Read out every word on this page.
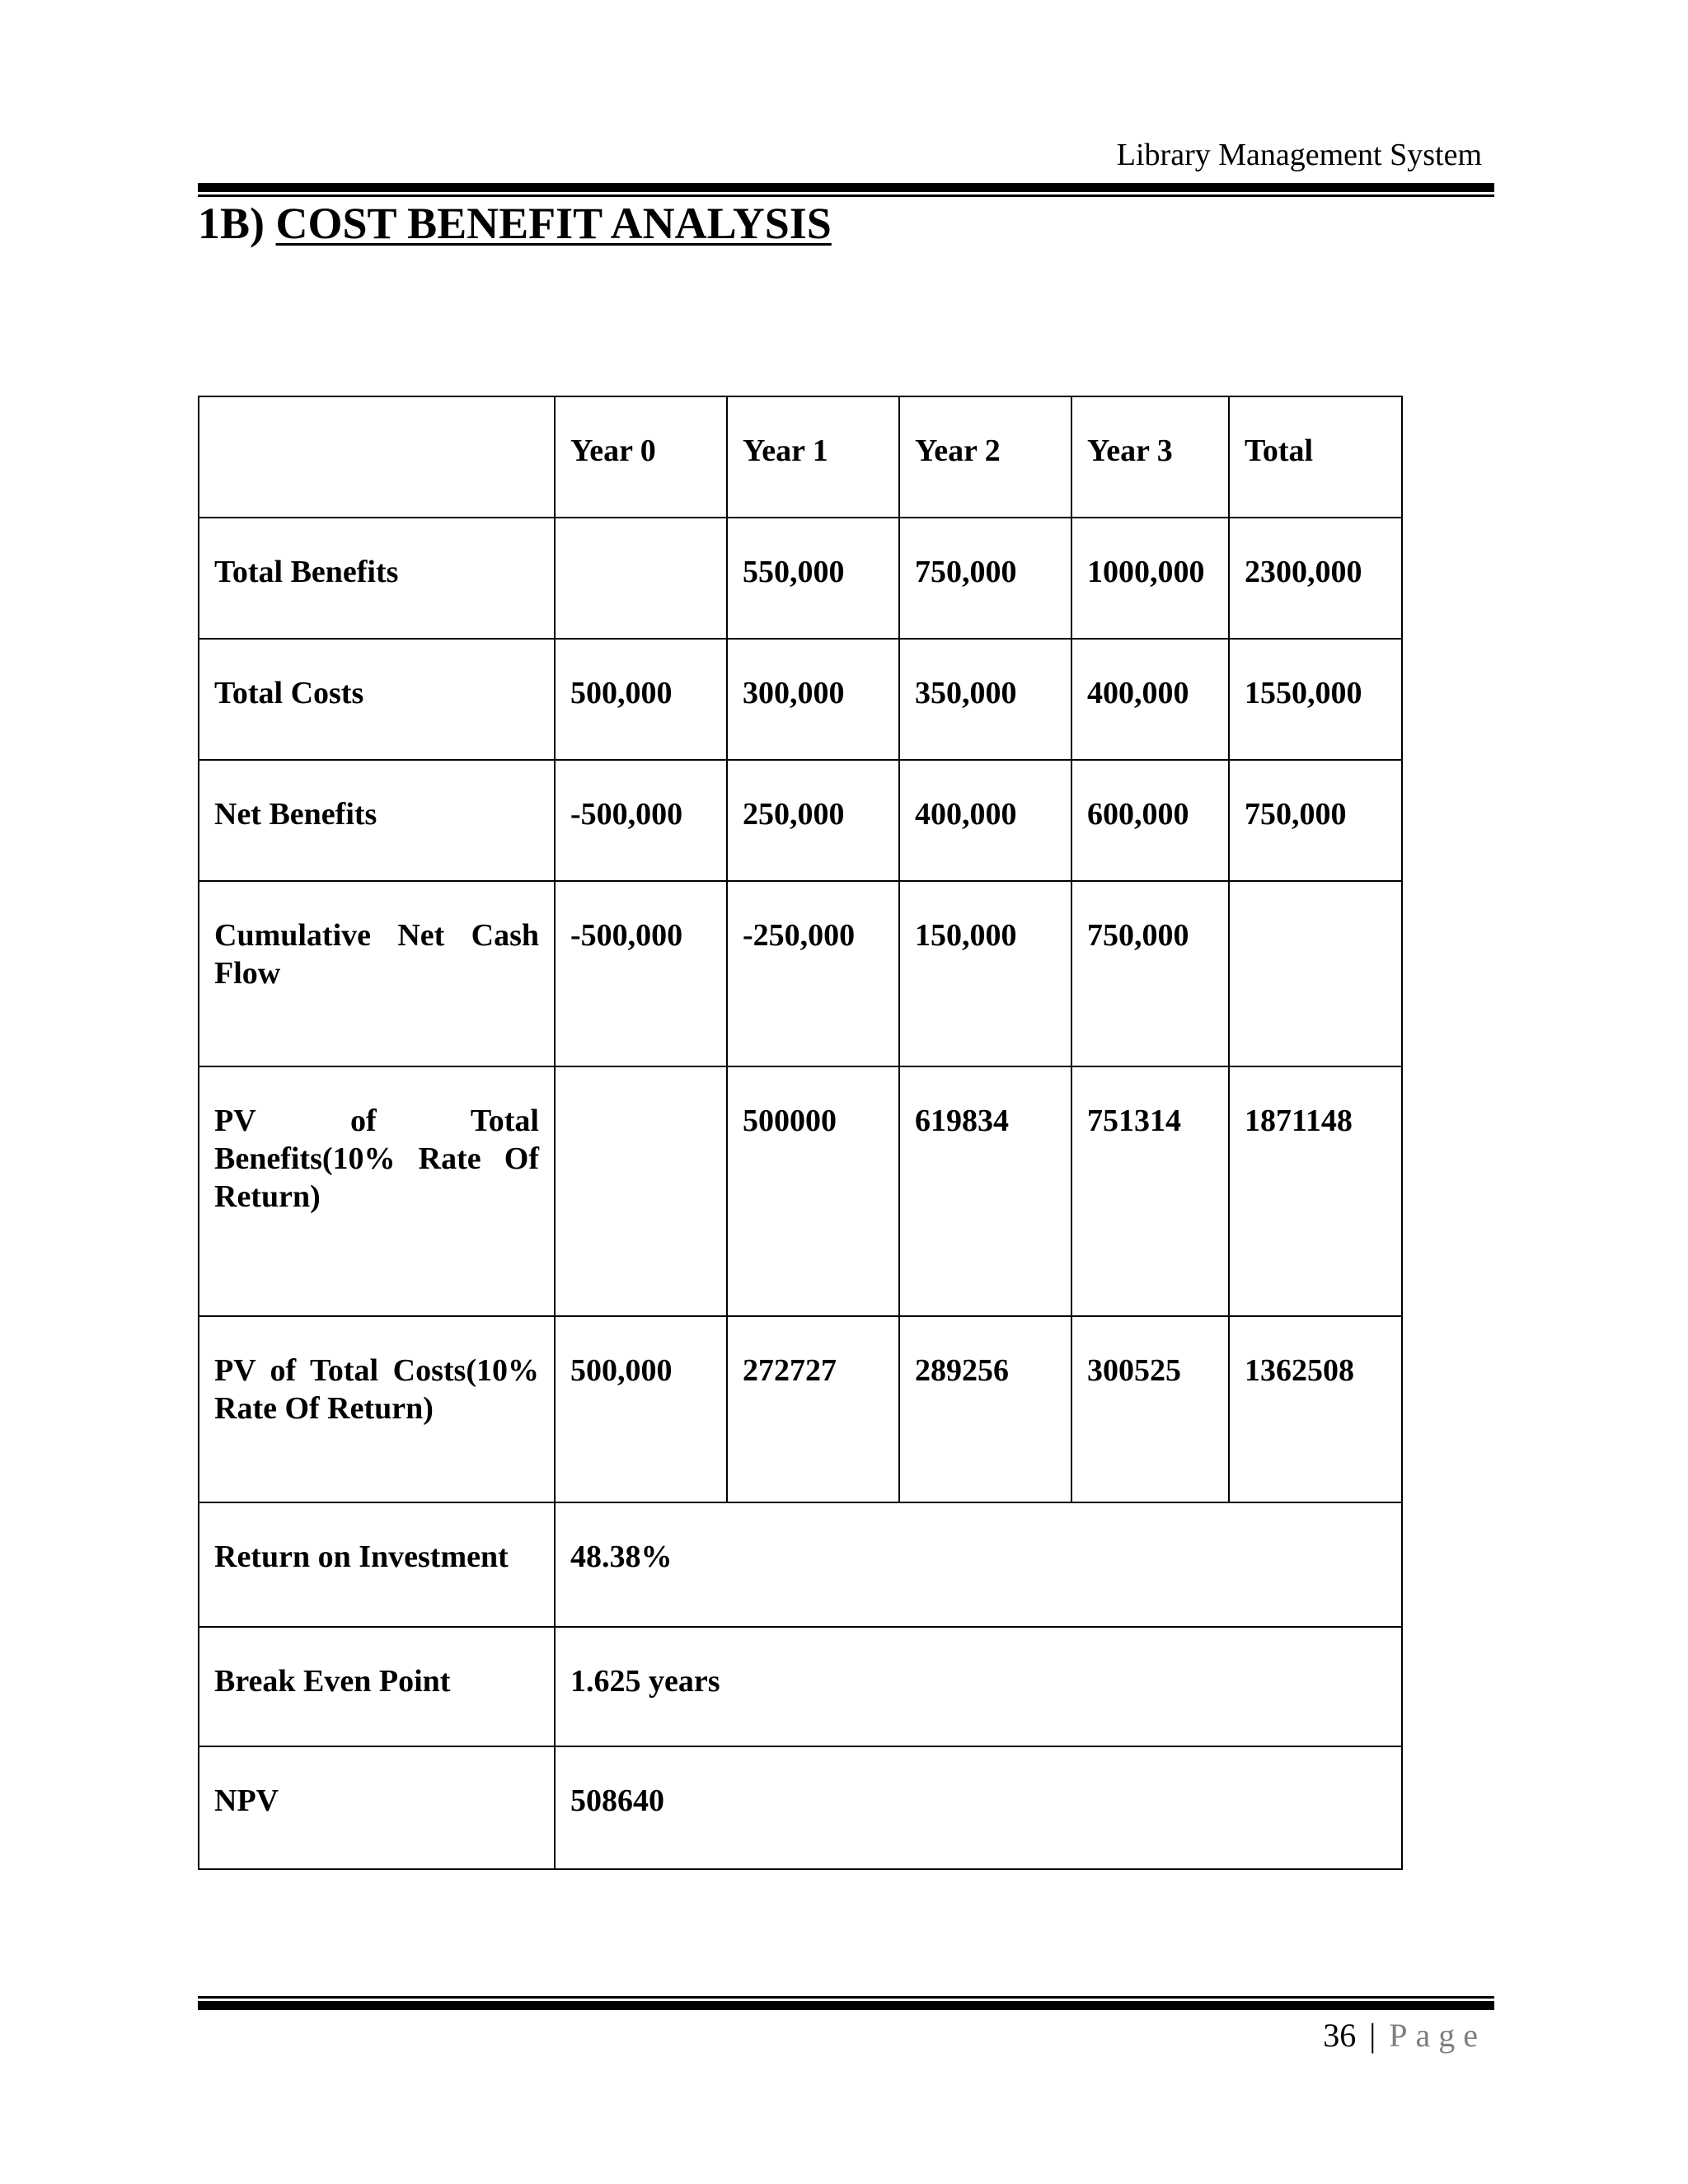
Library Management System
1B) COST BENEFIT ANALYSIS
	Year 0	Year 1	Year 2	Year 3	Total
Total Benefits		550,000	750,000	1000,000	2300,000
Total Costs	500,000	300,000	350,000	400,000	1550,000
Net Benefits	-500,000	250,000	400,000	600,000	750,000
Cumulative Net Cash Flow	-500,000	-250,000	150,000	750,000	
PV of Total Benefits(10% Rate Of Return)		500000	619834	751314	1871148
PV of Total Costs(10% Rate Of Return)	500,000	272727	289256	300525	1362508
Return on Investment	48.38%				
Break Even Point	1.625 years				
NPV	508640				
36 | Page
